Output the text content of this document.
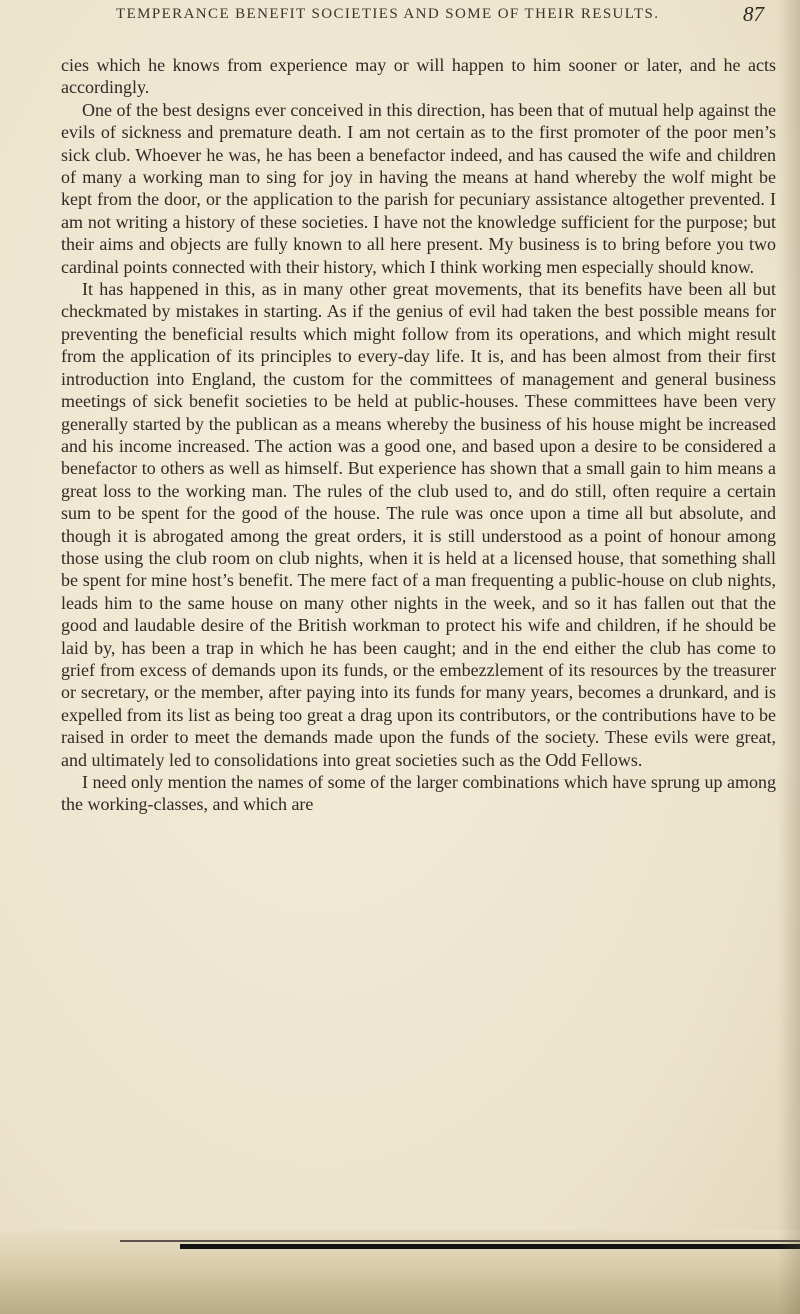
TEMPERANCE BENEFIT SOCIETIES AND SOME OF THEIR RESULTS.	87

cies which he knows from experience may or will happen to him sooner or later, and he acts accordingly.

One of the best designs ever conceived in this direction, has been that of mutual help against the evils of sickness and premature death. I am not certain as to the first promoter of the poor men’s sick club. Whoever he was, he has been a benefactor indeed, and has caused the wife and children of many a working man to sing for joy in having the means at hand whereby the wolf might be kept from the door, or the application to the parish for pecuniary assistance altogether prevented. I am not writing a history of these societies. I have not the knowledge sufficient for the purpose; but their aims and objects are fully known to all here present. My business is to bring before you two cardinal points connected with their history, which I think working men especially should know.

It has happened in this, as in many other great movements, that its benefits have been all but checkmated by mistakes in starting. As if the genius of evil had taken the best possible means for preventing the beneficial results which might follow from its operations, and which might result from the application of its principles to every-day life. It is, and has been almost from their first introduction into England, the custom for the committees of management and general business meetings of sick benefit societies to be held at public-houses. These committees have been very generally started by the publican as a means whereby the business of his house might be increased and his income increased. The action was a good one, and based upon a desire to be considered a benefactor to others as well as himself. But experience has shown that a small gain to him means a great loss to the working man. The rules of the club used to, and do still, often require a certain sum to be spent for the good of the house. The rule was once upon a time all but absolute, and though it is abrogated among the great orders, it is still understood as a point of honour among those using the club room on club nights, when it is held at a licensed house, that something shall be spent for mine host’s benefit. The mere fact of a man frequenting a public-house on club nights, leads him to the same house on many other nights in the week, and so it has fallen out that the good and laudable desire of the British workman to protect his wife and children, if he should be laid by, has been a trap in which he has been caught; and in the end either the club has come to grief from excess of demands upon its funds, or the embezzlement of its resources by the treasurer or secretary, or the member, after paying into its funds for many years, becomes a drunkard, and is expelled from its list as being too great a drag upon its contributors, or the contributions have to be raised in order to meet the demands made upon the funds of the society. These evils were great, and ultimately led to consolidations into great societies such as the Odd Fellows.

I need only mention the names of some of the larger combinations which have sprung up among the working-classes, and which are
